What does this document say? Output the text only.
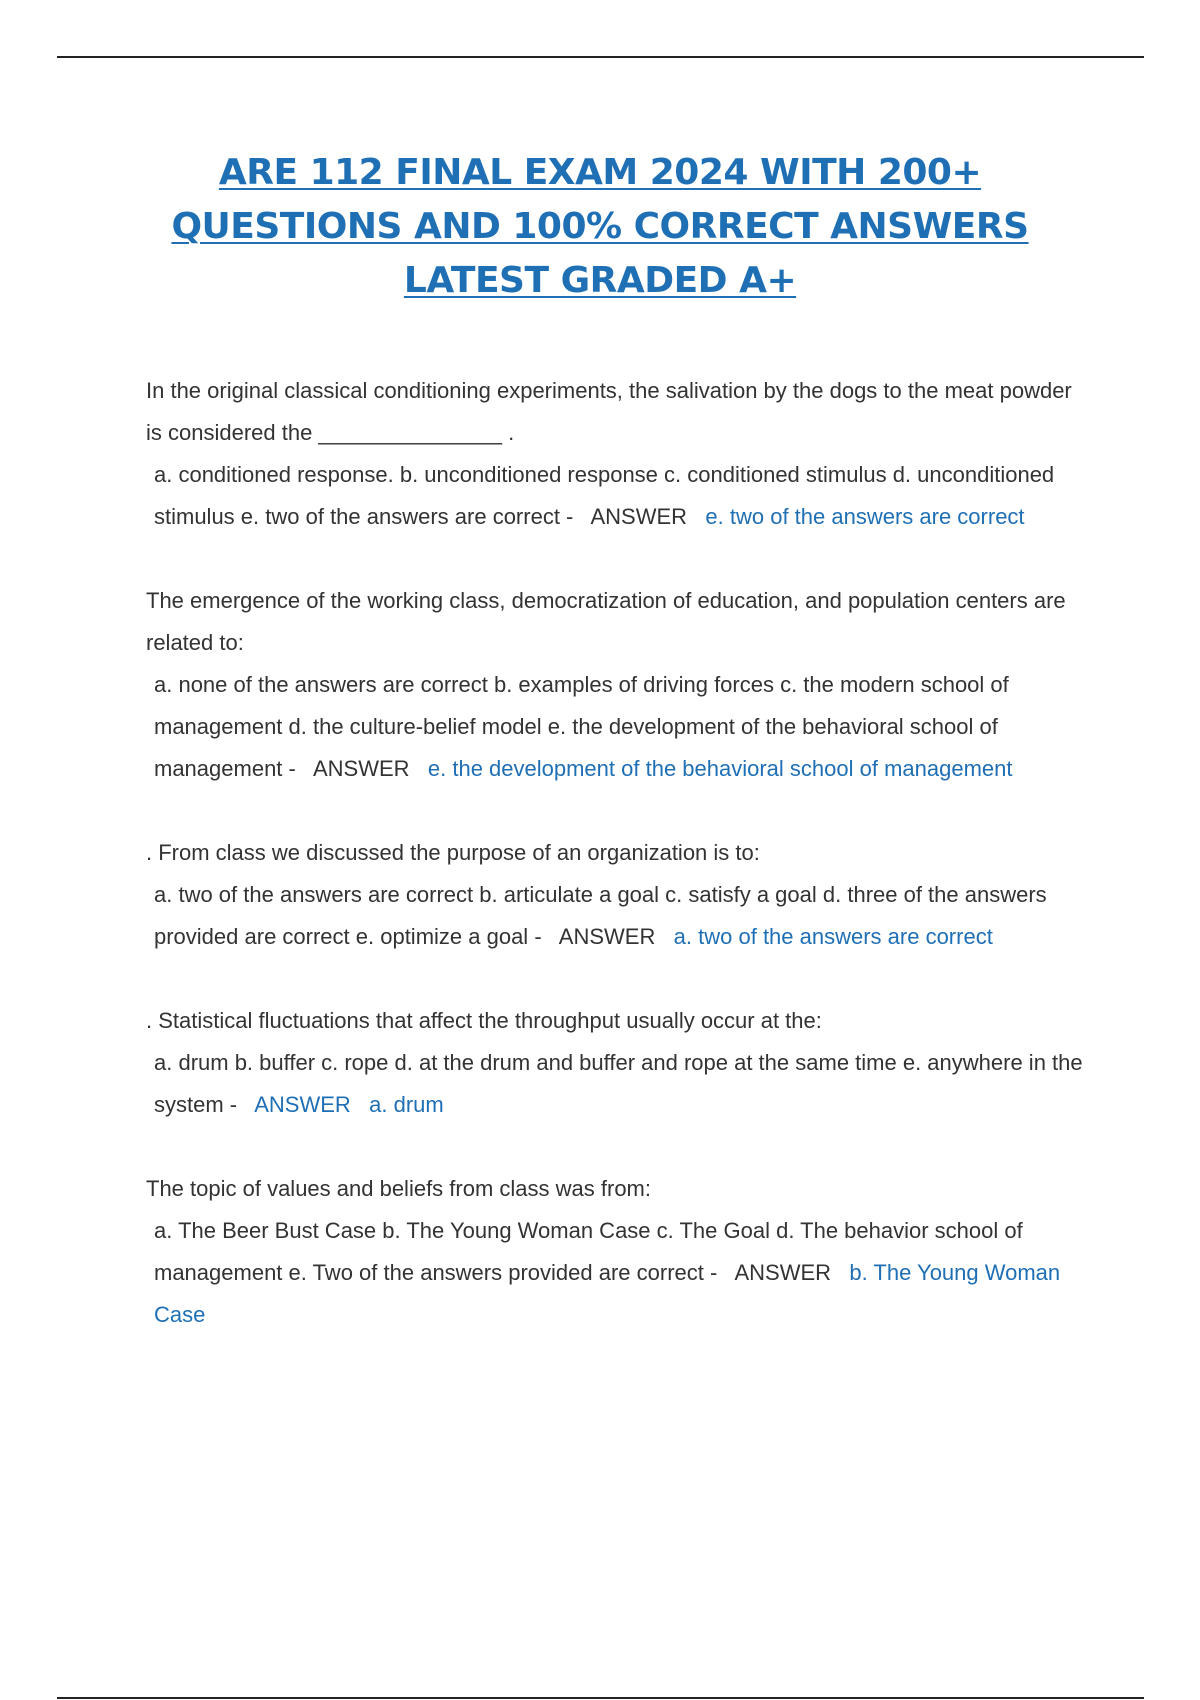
ARE 112 FINAL EXAM 2024 WITH 200+
QUESTIONS AND 100% CORRECT ANSWERS
LATEST GRADED A+
In the original classical conditioning experiments, the salivation by the dogs to the meat powder is considered the _______________ .
a. conditioned response. b. unconditioned response c. conditioned stimulus d. unconditioned stimulus e. two of the answers are correct -   ANSWER e. two of the answers are correct
The emergence of the working class, democratization of education, and population centers are related to:
a. none of the answers are correct b. examples of driving forces c. the modern school of management d. the culture-belief model e. the development of the behavioral school of management -   ANSWER e. the development of the behavioral school of management
. From class we discussed the purpose of an organization is to:
a. two of the answers are correct b. articulate a goal c. satisfy a goal d. three of the answers provided are correct e. optimize a goal -   ANSWER a. two of the answers are correct
. Statistical fluctuations that affect the throughput usually occur at the:
a. drum b. buffer c. rope d. at the drum and buffer and rope at the same time e. anywhere in the system -   ANSWER a. drum
The topic of values and beliefs from class was from:
a. The Beer Bust Case b. The Young Woman Case c. The Goal d. The behavior school of management e. Two of the answers provided are correct -   ANSWER b. The Young Woman Case
